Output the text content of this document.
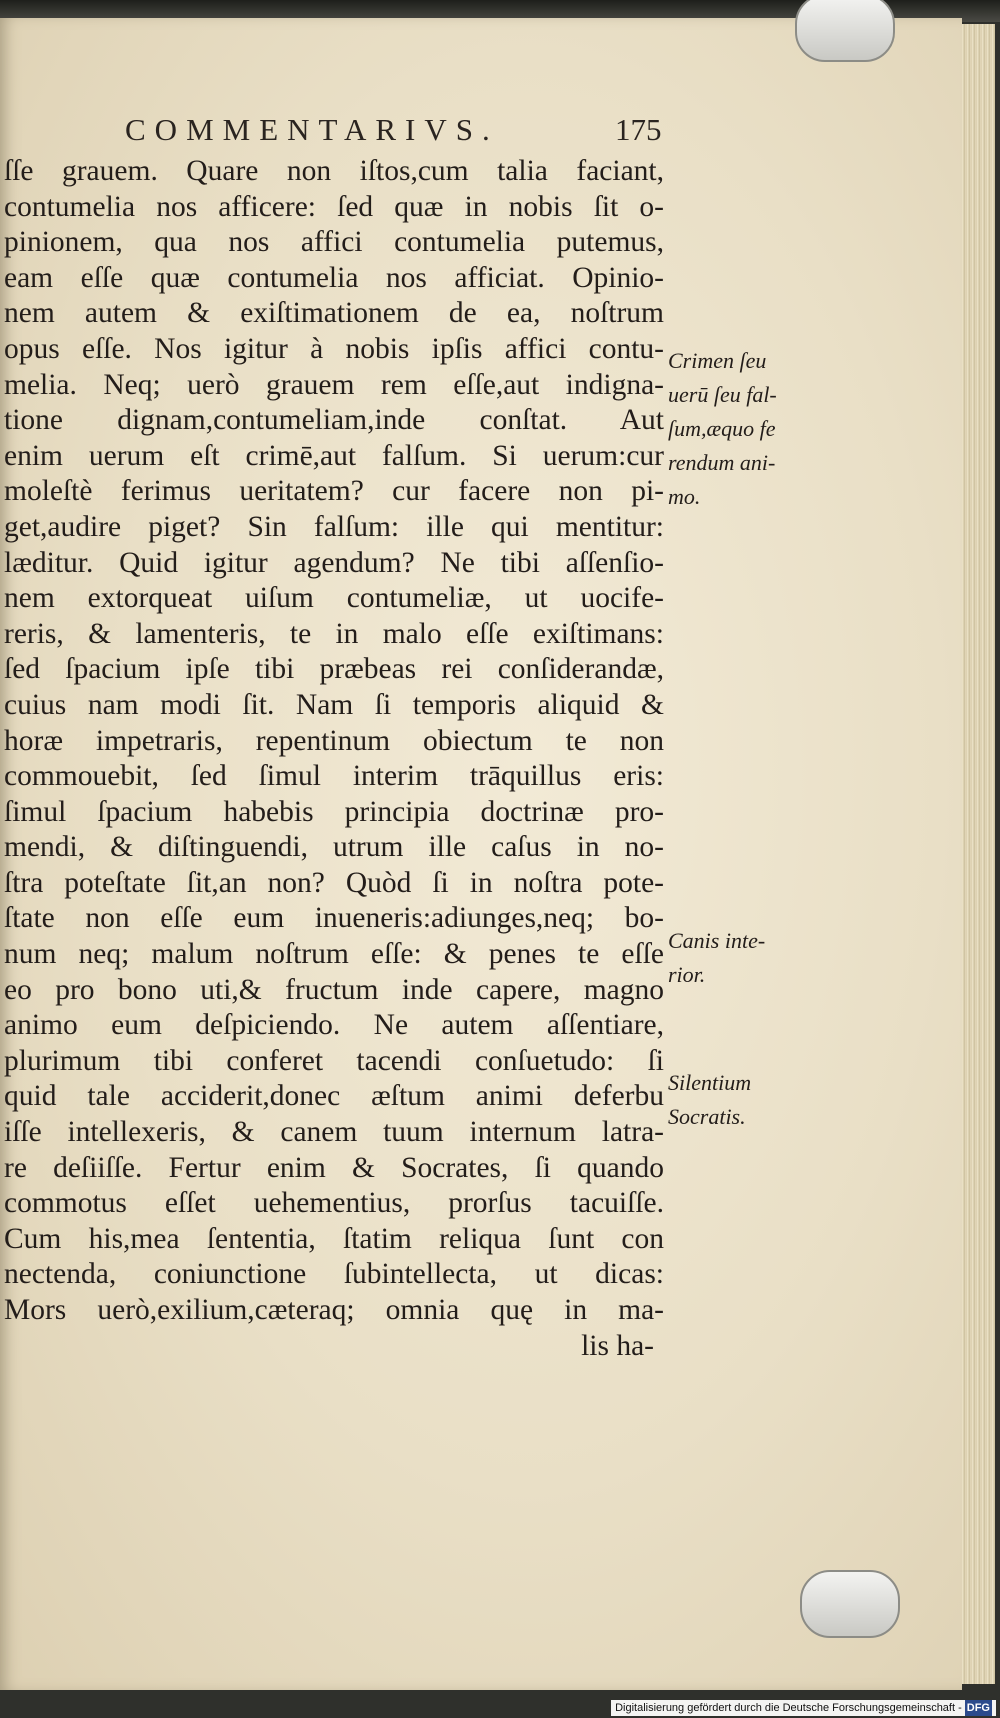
COMMENTARIVS.	175
ſſe grauem. Quare non iſtos,cum talia faciant,
contumelia nos afficere: ſed quæ in nobis ſit o-
pinionem, qua nos affici contumelia putemus,
eam eſſe quæ contumelia nos afficiat. Opinio-
nem autem & exiſtimationem de ea, noſtrum
opus eſſe. Nos igitur à nobis ipſis affici contu-
melia. Neq; uerò grauem rem eſſe,aut indigna-
tione dignam,contumeliam,inde conſtat. Aut
enim uerum eſt crimē,aut falſum. Si uerum:cur
moleſtè ferimus ueritatem? cur facere non pi-
get,audire piget? Sin falſum: ille qui mentitur:
læditur. Quid igitur agendum? Ne tibi aſſenſio-
nem extorqueat uiſum contumeliæ, ut uocife-
reris, & lamenteris, te in malo eſſe exiſtimans:
ſed ſpacium ipſe tibi præbeas rei conſiderandæ,
cuius nam modi ſit. Nam ſi temporis aliquid &
horæ impetraris, repentinum obiectum te non
commouebit, ſed ſimul interim trāquillus eris:
ſimul ſpacium habebis principia doctrinæ pro-
mendi, & diſtinguendi, utrum ille caſus in no-
ſtra poteſtate ſit,an non? Quòd ſi in noſtra pote-
ſtate non eſſe eum inueneris:adiunges,neq; bo-
num neq; malum noſtrum eſſe: & penes te eſſe
eo pro bono uti,& fructum inde capere, magno
animo eum deſpiciendo. Ne autem aſſentiare,
plurimum tibi conferet tacendi conſuetudo: ſi
quid tale acciderit,donec æſtum animi deferbu
iſſe intellexeris, & canem tuum internum latra-
re deſiiſſe. Fertur enim & Socrates, ſi quando
commotus eſſet uehementius, prorſus tacuiſſe.
Cum his,mea ſententia, ſtatim reliqua ſunt con
nectenda, coniunctione ſubintellecta, ut dicas:
Mors uerò,exilium,cæteraq; omnia quę in ma-
lis ha-
Crimen ſeu
uerū ſeu fal-
ſum,æquo fe
rendum ani-
mo.
Canis inte-
rior.
Silentium
Socratis.
Digitalisierung gefördert durch die Deutsche Forschungsgemeinschaft - DFG
